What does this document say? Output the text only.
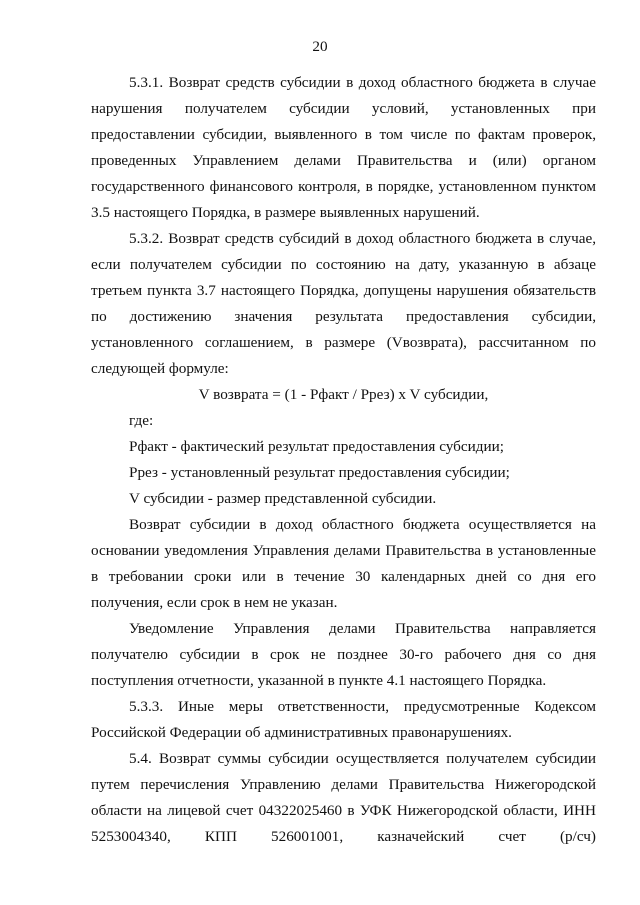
20

5.3.1. Возврат средств субсидии в доход областного бюджета в случае нарушения получателем субсидии условий, установленных при предоставлении субсидии, выявленного в том числе по фактам проверок, проведенных Управлением делами Правительства и (или) органом государственного финансового контроля, в порядке, установленном пунктом 3.5 настоящего Порядка, в размере выявленных нарушений.

5.3.2. Возврат средств субсидий в доход областного бюджета в случае, если получателем субсидии по состоянию на дату, указанную в абзаце третьем пункта 3.7 настоящего Порядка, допущены нарушения обязательств по достижению значения результата предоставления субсидии, установленного соглашением, в размере (Vвозврата), рассчитанном по следующей формуле:

V возврата = (1 - Рфакт / Ррез) x V субсидии,

где:

Рфакт - фактический результат предоставления субсидии;

Ррез - установленный результат предоставления субсидии;

V субсидии - размер представленной субсидии.

Возврат субсидии в доход областного бюджета осуществляется на основании уведомления Управления делами Правительства в установленные в требовании сроки или в течение 30 календарных дней со дня его получения, если срок в нем не указан.

Уведомление Управления делами Правительства направляется получателю субсидии в срок не позднее 30-го рабочего дня со дня поступления отчетности, указанной в пункте 4.1 настоящего Порядка.

5.3.3. Иные меры ответственности, предусмотренные Кодексом Российской Федерации об административных правонарушениях.

5.4. Возврат суммы субсидии осуществляется получателем субсидии путем перечисления Управлению делами Правительства Нижегородской области на лицевой счет 04322025460 в УФК Нижегородской области, ИНН 5253004340, КПП 526001001, казначейский счет (р/сч)
